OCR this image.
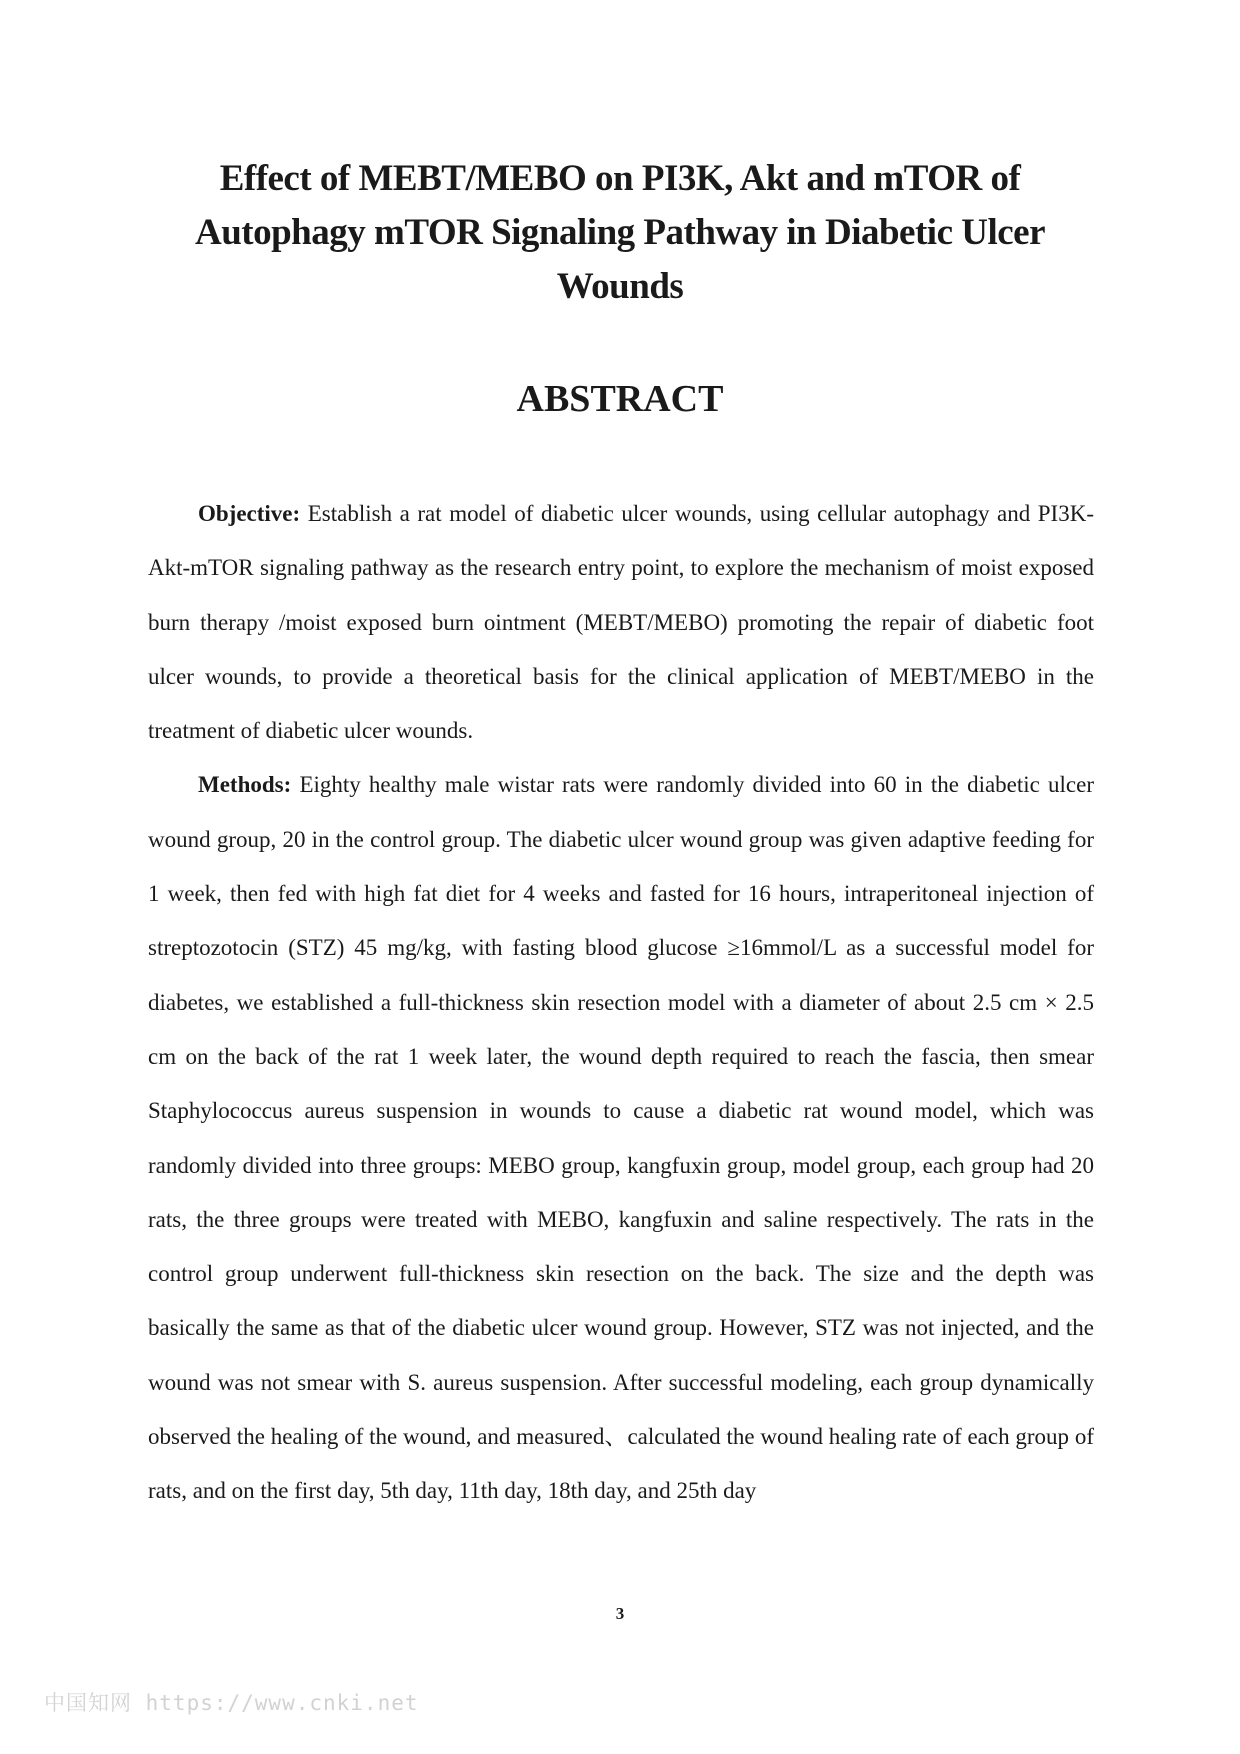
Effect of MEBT/MEBO on PI3K, Akt and mTOR of Autophagy mTOR Signaling Pathway in Diabetic Ulcer Wounds
ABSTRACT

Objective: Establish a rat model of diabetic ulcer wounds, using cellular autophagy and PI3K-Akt-mTOR signaling pathway as the research entry point, to explore the mechanism of moist exposed burn therapy /moist exposed burn ointment (MEBT/MEBO) promoting the repair of diabetic foot ulcer wounds, to provide a theoretical basis for the clinical application of MEBT/MEBO in the treatment of diabetic ulcer wounds.

Methods: Eighty healthy male wistar rats were randomly divided into 60 in the diabetic ulcer wound group, 20 in the control group. The diabetic ulcer wound group was given adaptive feeding for 1 week, then fed with high fat diet for 4 weeks and fasted for 16 hours, intraperitoneal injection of streptozotocin (STZ) 45 mg/kg, with fasting blood glucose ≥16mmol/L as a successful model for diabetes, we established a full-thickness skin resection model with a diameter of about 2.5 cm × 2.5 cm on the back of the rat 1 week later, the wound depth required to reach the fascia, then smear Staphylococcus aureus suspension in wounds to cause a diabetic rat wound model, which was randomly divided into three groups: MEBO group, kangfuxin group, model group, each group had 20 rats, the three groups were treated with MEBO, kangfuxin and saline respectively. The rats in the control group underwent full-thickness skin resection on the back. The size and the depth was basically the same as that of the diabetic ulcer wound group. However, STZ was not injected, and the wound was not smear with S. aureus suspension. After successful modeling, each group dynamically observed the healing of the wound, and measured、calculated the wound healing rate of each group of rats, and on the first day, 5th day, 11th day, 18th day, and 25th day

3
中国知网 https://www.cnki.net
